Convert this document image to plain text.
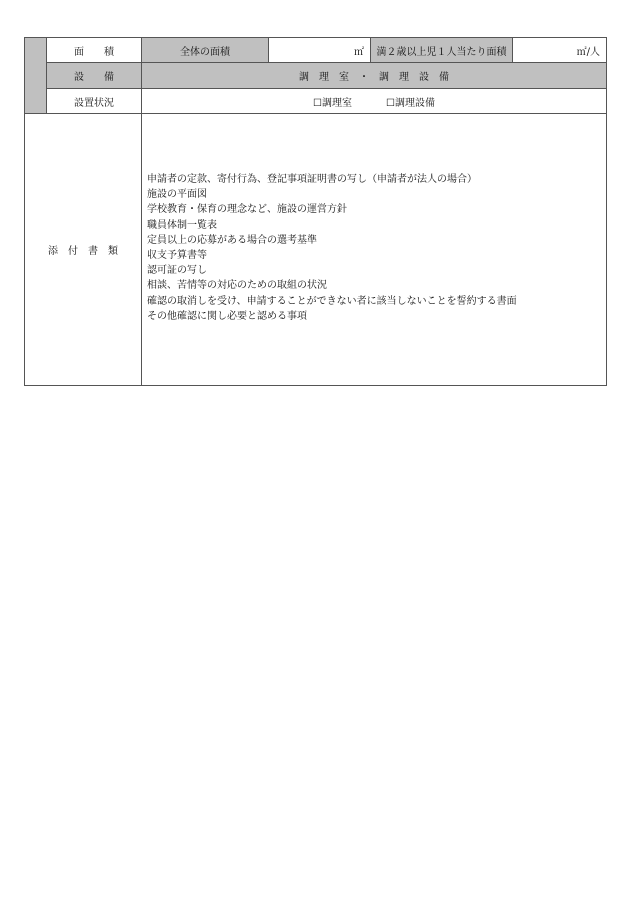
面　　積	全体の面積	㎡	満２歳以上児１人当たり面積	㎡/人
設　　備	調　理　室　・　調　理　設　備
設置状況	☐調理室	☐調理設備
添　付　書　類
申請者の定款、寄付行為、登記事項証明書の写し（申請者が法人の場合）
施設の平面図
学校教育・保育の理念など、施設の運営方針
職員体制一覧表
定員以上の応募がある場合の選考基準
収支予算書等
認可証の写し
相談、苦情等の対応のための取組の状況
確認の取消しを受け、申請することができない者に該当しないことを誓約する書面
その他確認に関し必要と認める事項
